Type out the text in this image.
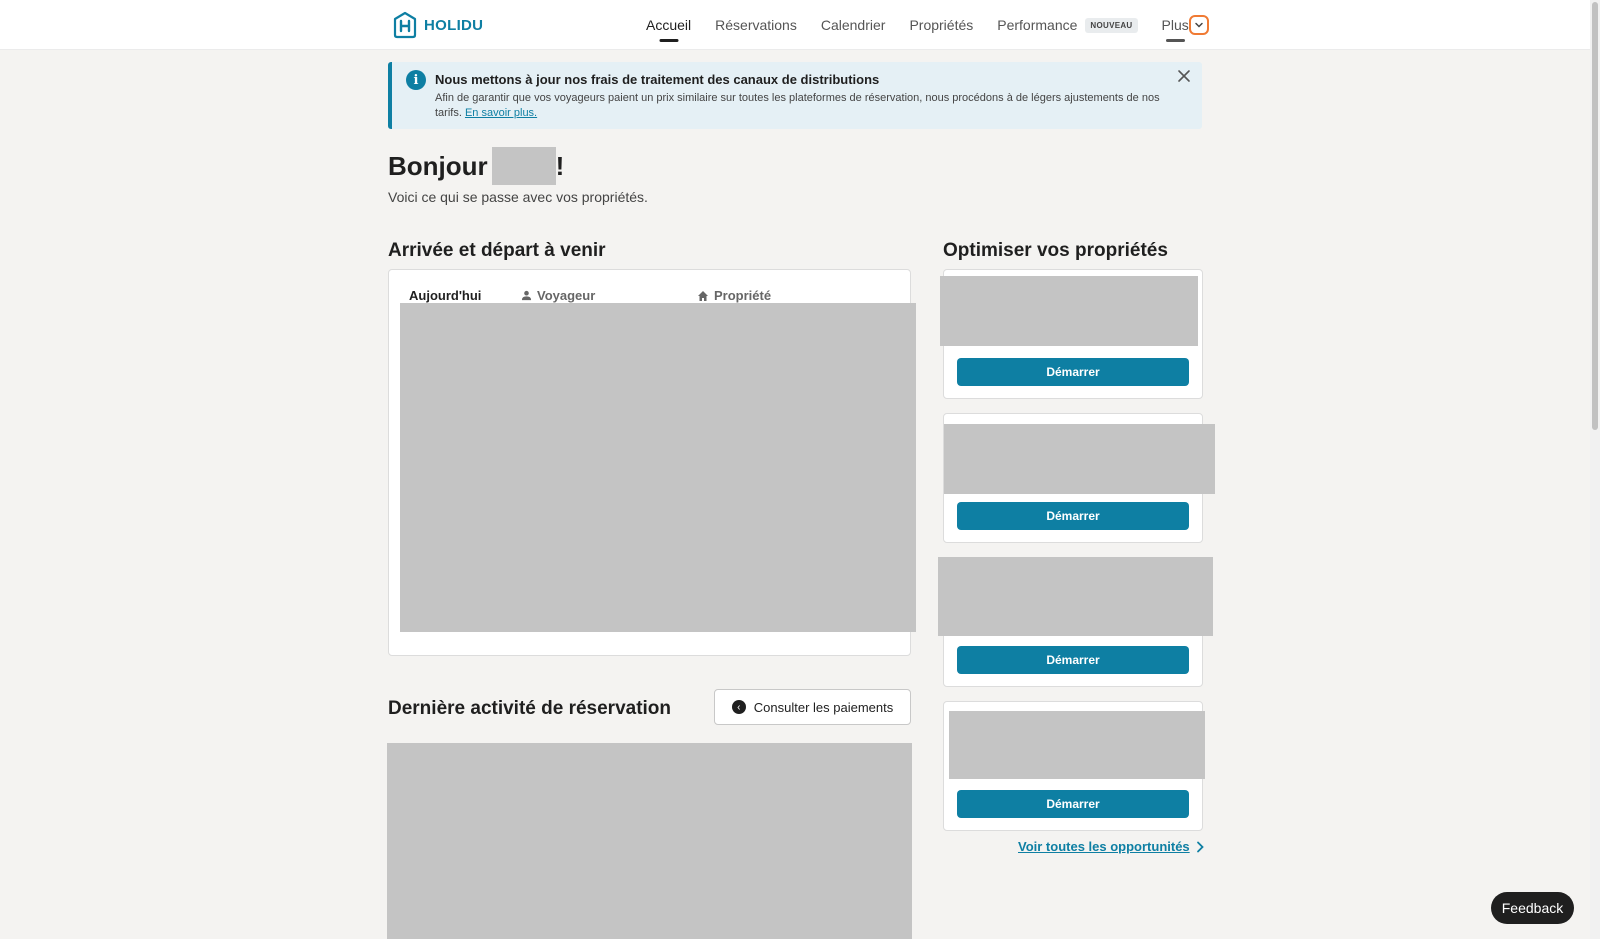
HOLIDU	Accueil Réservations Calendrier Propriétés Performance	NOUVEAU	Plus
i	Nous mettons à jour nos frais de traitement des canaux de distributions
Afin de garantir que vos voyageurs paient un prix similaire sur toutes les plateformes de réservation, nous procédons à de légers ajustements de nos tarifs. En savoir plus.
Bonjour	!
Voici ce qui se passe avec vos propriétés.
Arrivée et départ à venir
Aujourd'hui	Voyageur	Propriété
Optimiser vos propriétés
Démarrer
Démarrer
Démarrer
Démarrer
Voir toutes les opportunités
Dernière activité de réservation	‹	Consulter les paiements
Feedback
